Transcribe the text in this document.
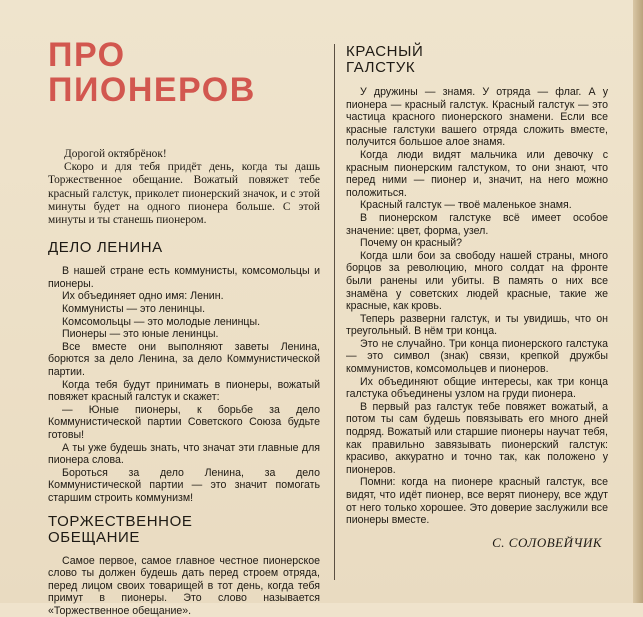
ПРО
ПИОНЕРОВ

Дорогой октябрёнок!

Скоро и для тебя придёт день, когда ты дашь Торжественное обещание. Вожатый повяжет тебе красный галстук, приколет пионерский значок, и с этой минуты будет на одного пионера больше. С этой минуты и ты станешь пионером.

ДЕЛО ЛЕНИНА

В нашей стране есть коммунисты, комсомольцы и пионеры.

Их объединяет одно имя: Ленин.

Коммунисты — это ленинцы.

Комсомольцы — это молодые ленинцы.

Пионеры — это юные ленинцы.

Все вместе они выполняют заветы Ленина, борются за дело Ленина, за дело Коммунистической партии.

Когда тебя будут принимать в пионеры, вожатый повяжет красный галстук и скажет:

— Юные пионеры, к борьбе за дело Коммунистической партии Советского Союза будьте готовы!

А ты уже будешь знать, что значат эти главные для пионера слова.

Бороться за дело Ленина, за дело Коммунистической партии — это значит помогать старшим строить коммунизм!

ТОРЖЕСТВЕННОЕ
ОБЕЩАНИЕ

Самое первое, самое главное честное пионерское слово ты должен будешь дать перед строем отряда, перед лицом своих товарищей в тот день, когда тебя примут в пионеры. Это слово называется «Торжественное обещание».

КРАСНЫЙ
ГАЛСТУК

У дружины — знамя. У отряда — флаг. А у пионера — красный галстук. Красный галстук — это частица красного пионерского знамени. Если все красные галстуки вашего отряда сложить вместе, получится большое алое знамя.

Когда люди видят мальчика или девочку с красным пионерским галстуком, то они знают, что перед ними — пионер и, значит, на него можно положиться.

Красный галстук — твоё маленькое знамя.

В пионерском галстуке всё имеет особое значение: цвет, форма, узел.

Почему он красный?

Когда шли бои за свободу нашей страны, много борцов за революцию, много солдат на фронте были ранены или убиты. В память о них все знамёна у советских людей красные, такие же красные, как кровь.

Теперь разверни галстук, и ты увидишь, что он треугольный. В нём три конца.

Это не случайно. Три конца пионерского галстука — это символ (знак) связи, крепкой дружбы коммунистов, комсомольцев и пионеров.

Их объединяют общие интересы, как три конца галстука объединены узлом на груди пионера.

В первый раз галстук тебе повяжет вожатый, а потом ты сам будешь повязывать его много дней подряд. Вожатый или старшие пионеры научат тебя, как правильно завязывать пионерский галстук: красиво, аккуратно и точно так, как положено у пионеров.

Помни: когда на пионере красный галстук, все видят, что идёт пионер, все верят пионеру, все ждут от него только хорошее. Это доверие заслужили все пионеры вместе.

С. СОЛОВЕЙЧИК
